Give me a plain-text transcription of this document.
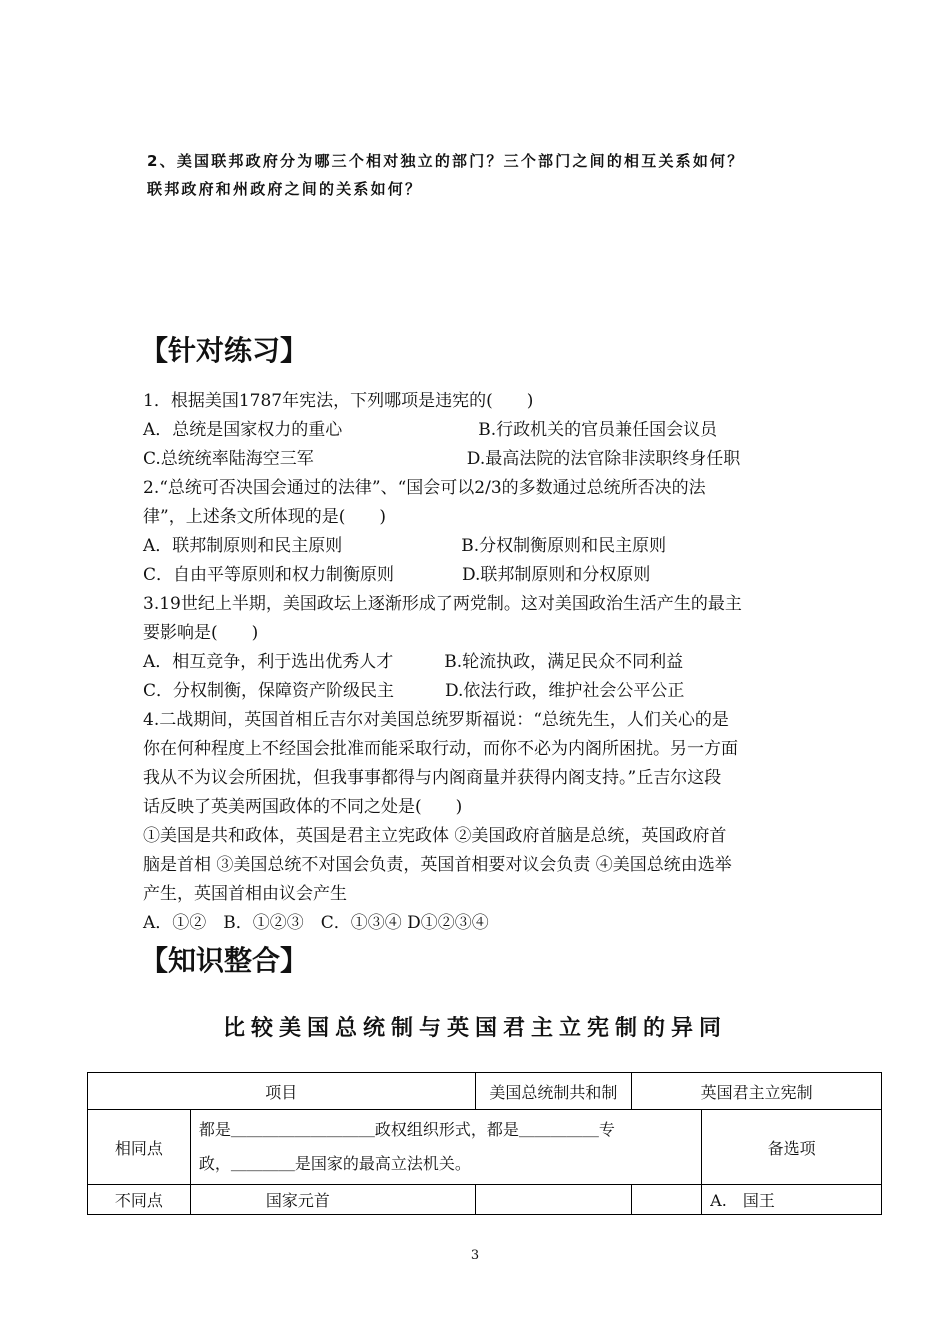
2、美国联邦政府分为哪三个相对独立的部门？三个部门之间的相互关系如何？
联邦政府和州政府之间的关系如何？
【针对练习】
1．根据美国1787年宪法，下列哪项是违宪的(　　)
A．总统是国家权力的重心　　　　　　　　B.行政机关的官员兼任国会议员
C.总统统率陆海空三军　　　　　　　　　D.最高法院的法官除非渎职终身任职
2.“总统可否决国会通过的法律”、“国会可以2/3的多数通过总统所否决的法
律”，上述条文所体现的是(　　)
A．联邦制原则和民主原则　　　　　　　B.分权制衡原则和民主原则
C．自由平等原则和权力制衡原则　　　　D.联邦制原则和分权原则
3.19世纪上半期，美国政坛上逐渐形成了两党制。这对美国政治生活产生的最主
要影响是(　　)
A．相互竞争，利于选出优秀人才　　　B.轮流执政，满足民众不同利益
C．分权制衡，保障资产阶级民主　　　D.依法行政，维护社会公平公正
4.二战期间，英国首相丘吉尔对美国总统罗斯福说：“总统先生，人们关心的是
你在何种程度上不经国会批准而能采取行动，而你不必为内阁所困扰。另一方面
我从不为议会所困扰，但我事事都得与内阁商量并获得内阁支持。”丘吉尔这段
话反映了英美两国政体的不同之处是(　　)
①美国是共和政体，英国是君主立宪政体 ②美国政府首脑是总统，英国政府首
脑是首相 ③美国总统不对国会负责，英国首相要对议会负责 ④美国总统由选举
产生，英国首相由议会产生
A．①②　B．①②③　C．①③④ D①②③④
【知识整合】
比较美国总统制与英国君主立宪制的异同
项目		美国总统制共和制	英国君主立宪制	
相同点	都是＿＿＿＿＿＿＿＿＿政权组织形式，都是＿＿＿＿＿专
政，＿＿＿＿是国家的最高立法机关。			备选项
不同点	国家元首			A.　国王
3
